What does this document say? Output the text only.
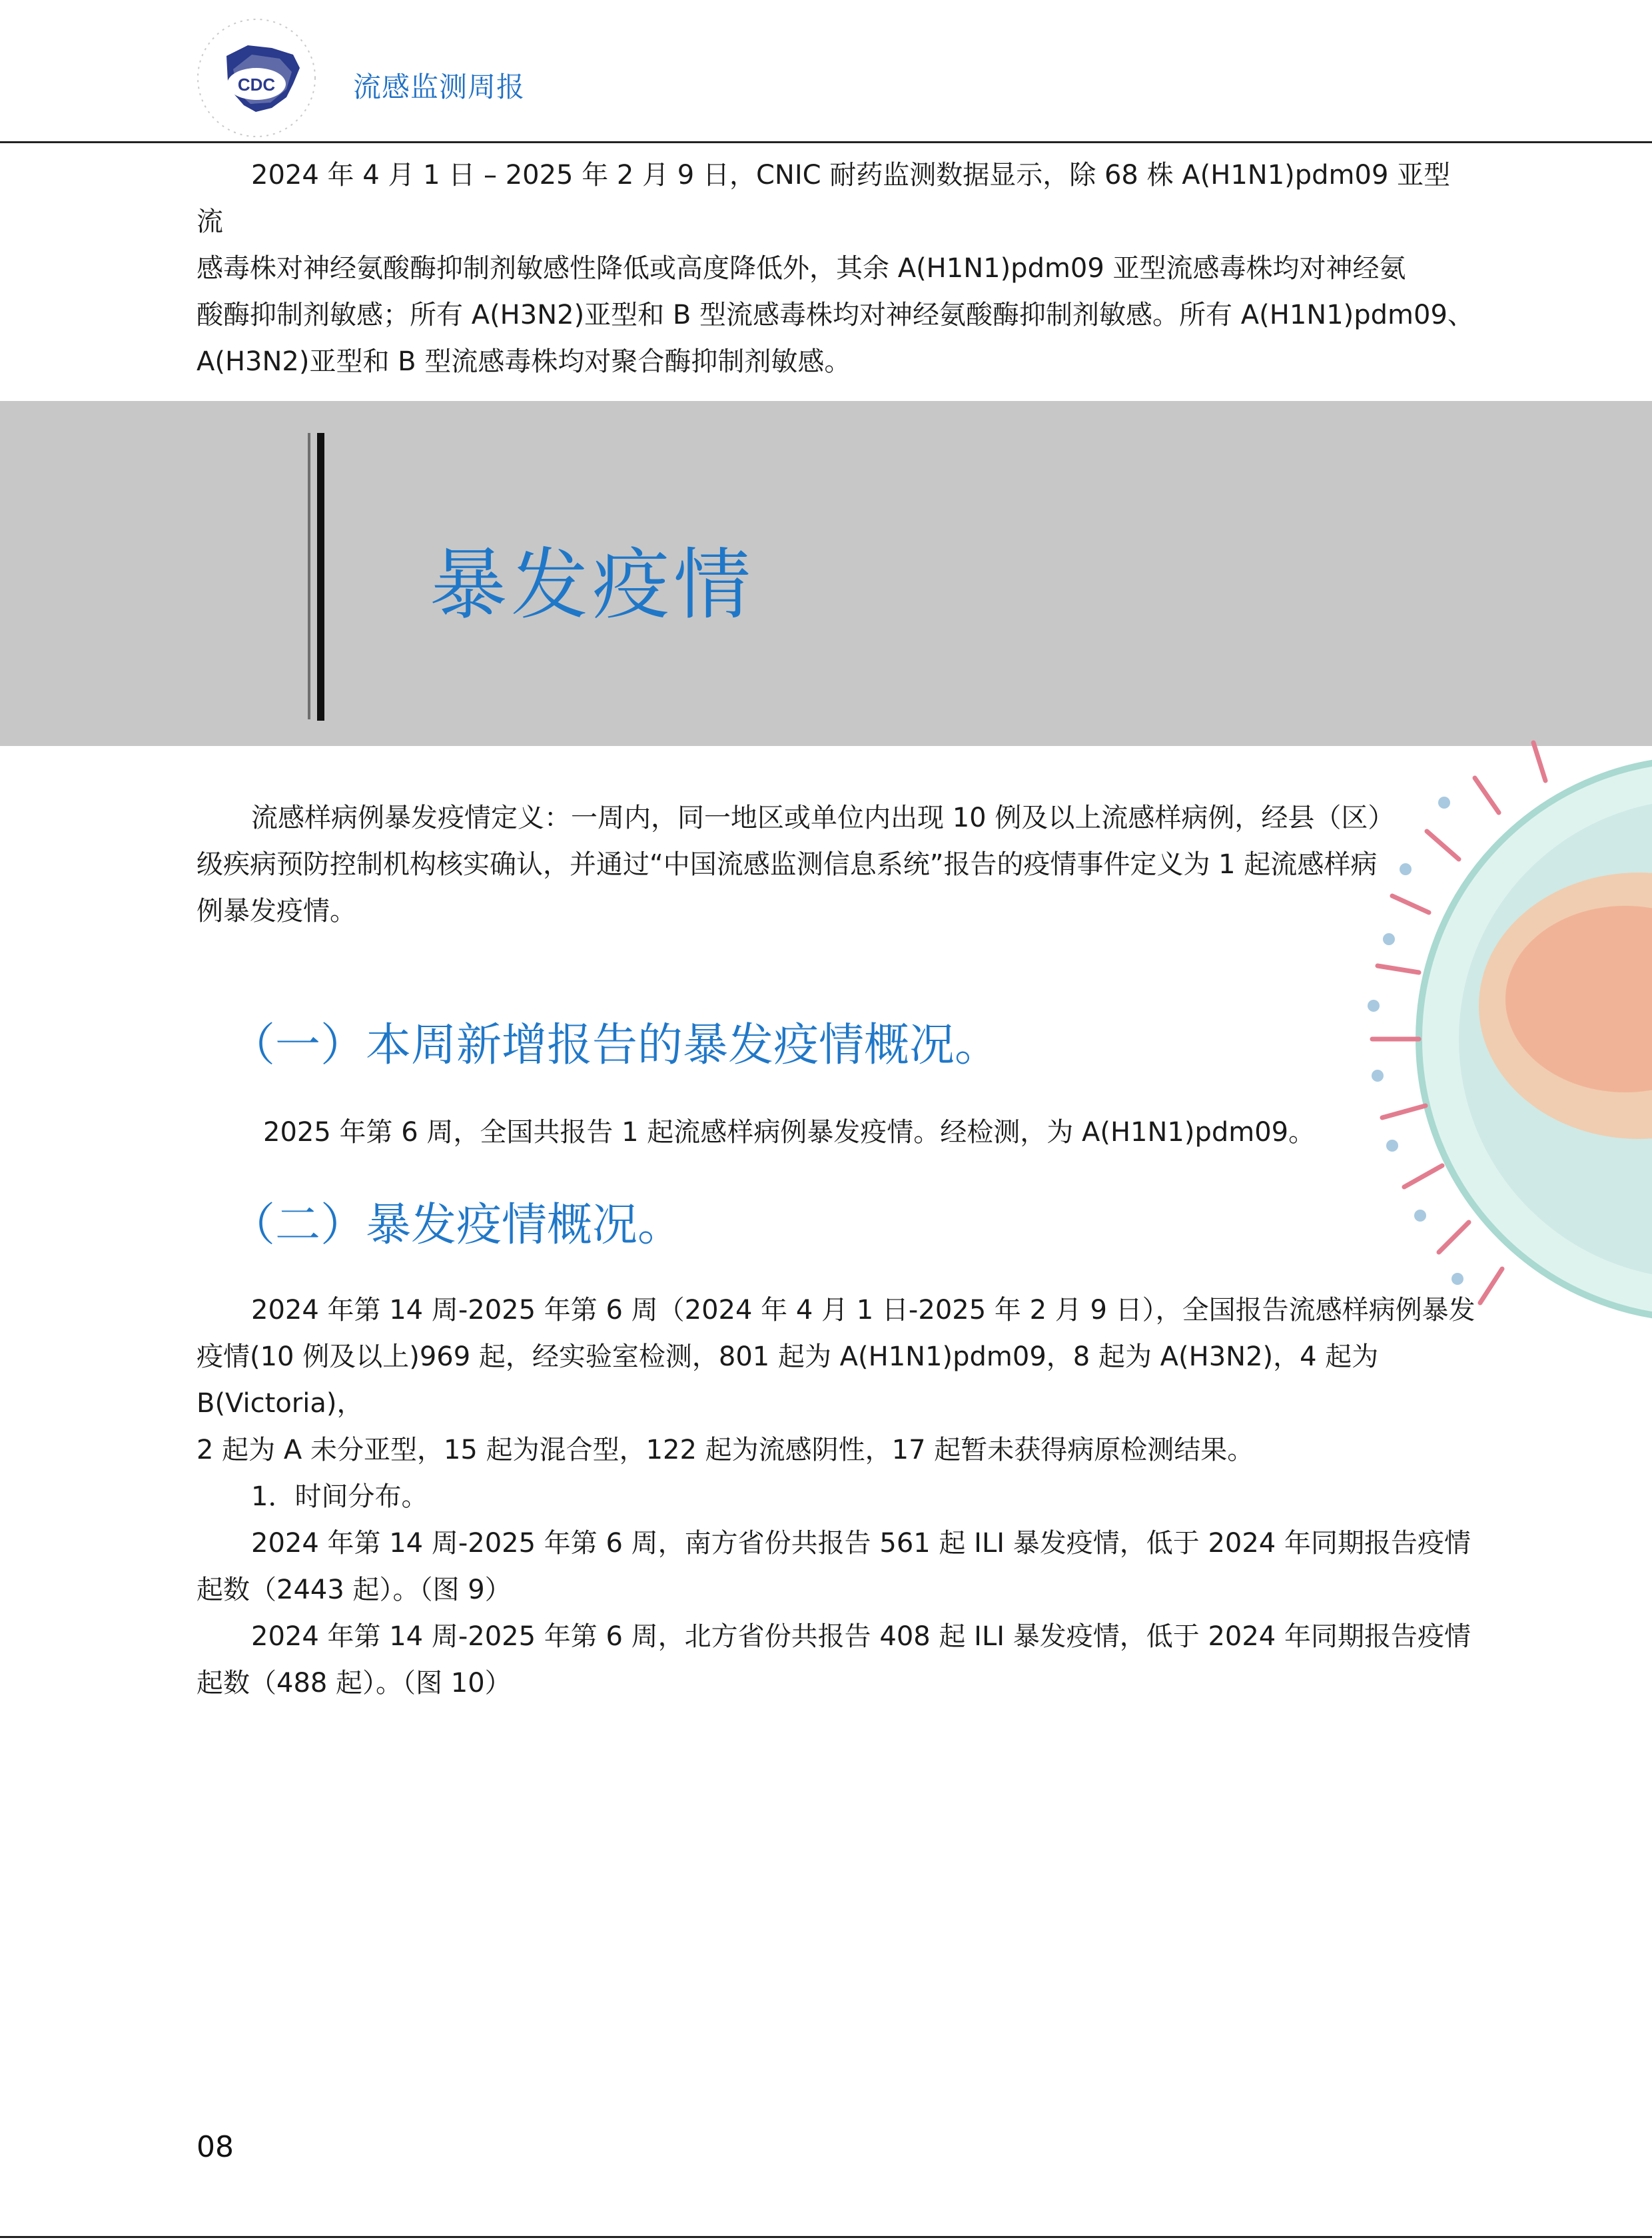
CDC	流感监测周报

2024 年 4 月 1 日 – 2025 年 2 月 9 日，CNIC 耐药监测数据显示，除 68 株 A(H1N1)pdm09 亚型流

感毒株对神经氨酸酶抑制剂敏感性降低或高度降低外，其余 A(H1N1)pdm09 亚型流感毒株均对神经氨

酸酶抑制剂敏感；所有 A(H3N2)亚型和 B 型流感毒株均对神经氨酸酶抑制剂敏感。所有 A(H1N1)pdm09、

A(H3N2)亚型和 B 型流感毒株均对聚合酶抑制剂敏感。

暴发疫情

流感样病例暴发疫情定义：一周内，同一地区或单位内出现 10 例及以上流感样病例，经县（区）

级疾病预防控制机构核实确认，并通过“中国流感监测信息系统”报告的疫情事件定义为 1 起流感样病

例暴发疫情。

（一）本周新增报告的暴发疫情概况。
2025 年第 6 周，全国共报告 1 起流感样病例暴发疫情。经检测，为 A(H1N1)pdm09。
（二）暴发疫情概况。

2024 年第 14 周-2025 年第 6 周（2024 年 4 月 1 日-2025 年 2 月 9 日），全国报告流感样病例暴发

疫情(10 例及以上)969 起，经实验室检测，801 起为 A(H1N1)pdm09，8 起为 A(H3N2)，4 起为 B(Victoria)，

2 起为 A 未分亚型，15 起为混合型，122 起为流感阴性，17 起暂未获得病原检测结果。

1．时间分布。

2024 年第 14 周-2025 年第 6 周，南方省份共报告 561 起 ILI 暴发疫情，低于 2024 年同期报告疫情

起数（2443 起）。（图 9）

2024 年第 14 周-2025 年第 6 周，北方省份共报告 408 起 ILI 暴发疫情，低于 2024 年同期报告疫情

起数（488 起）。（图 10）

08
